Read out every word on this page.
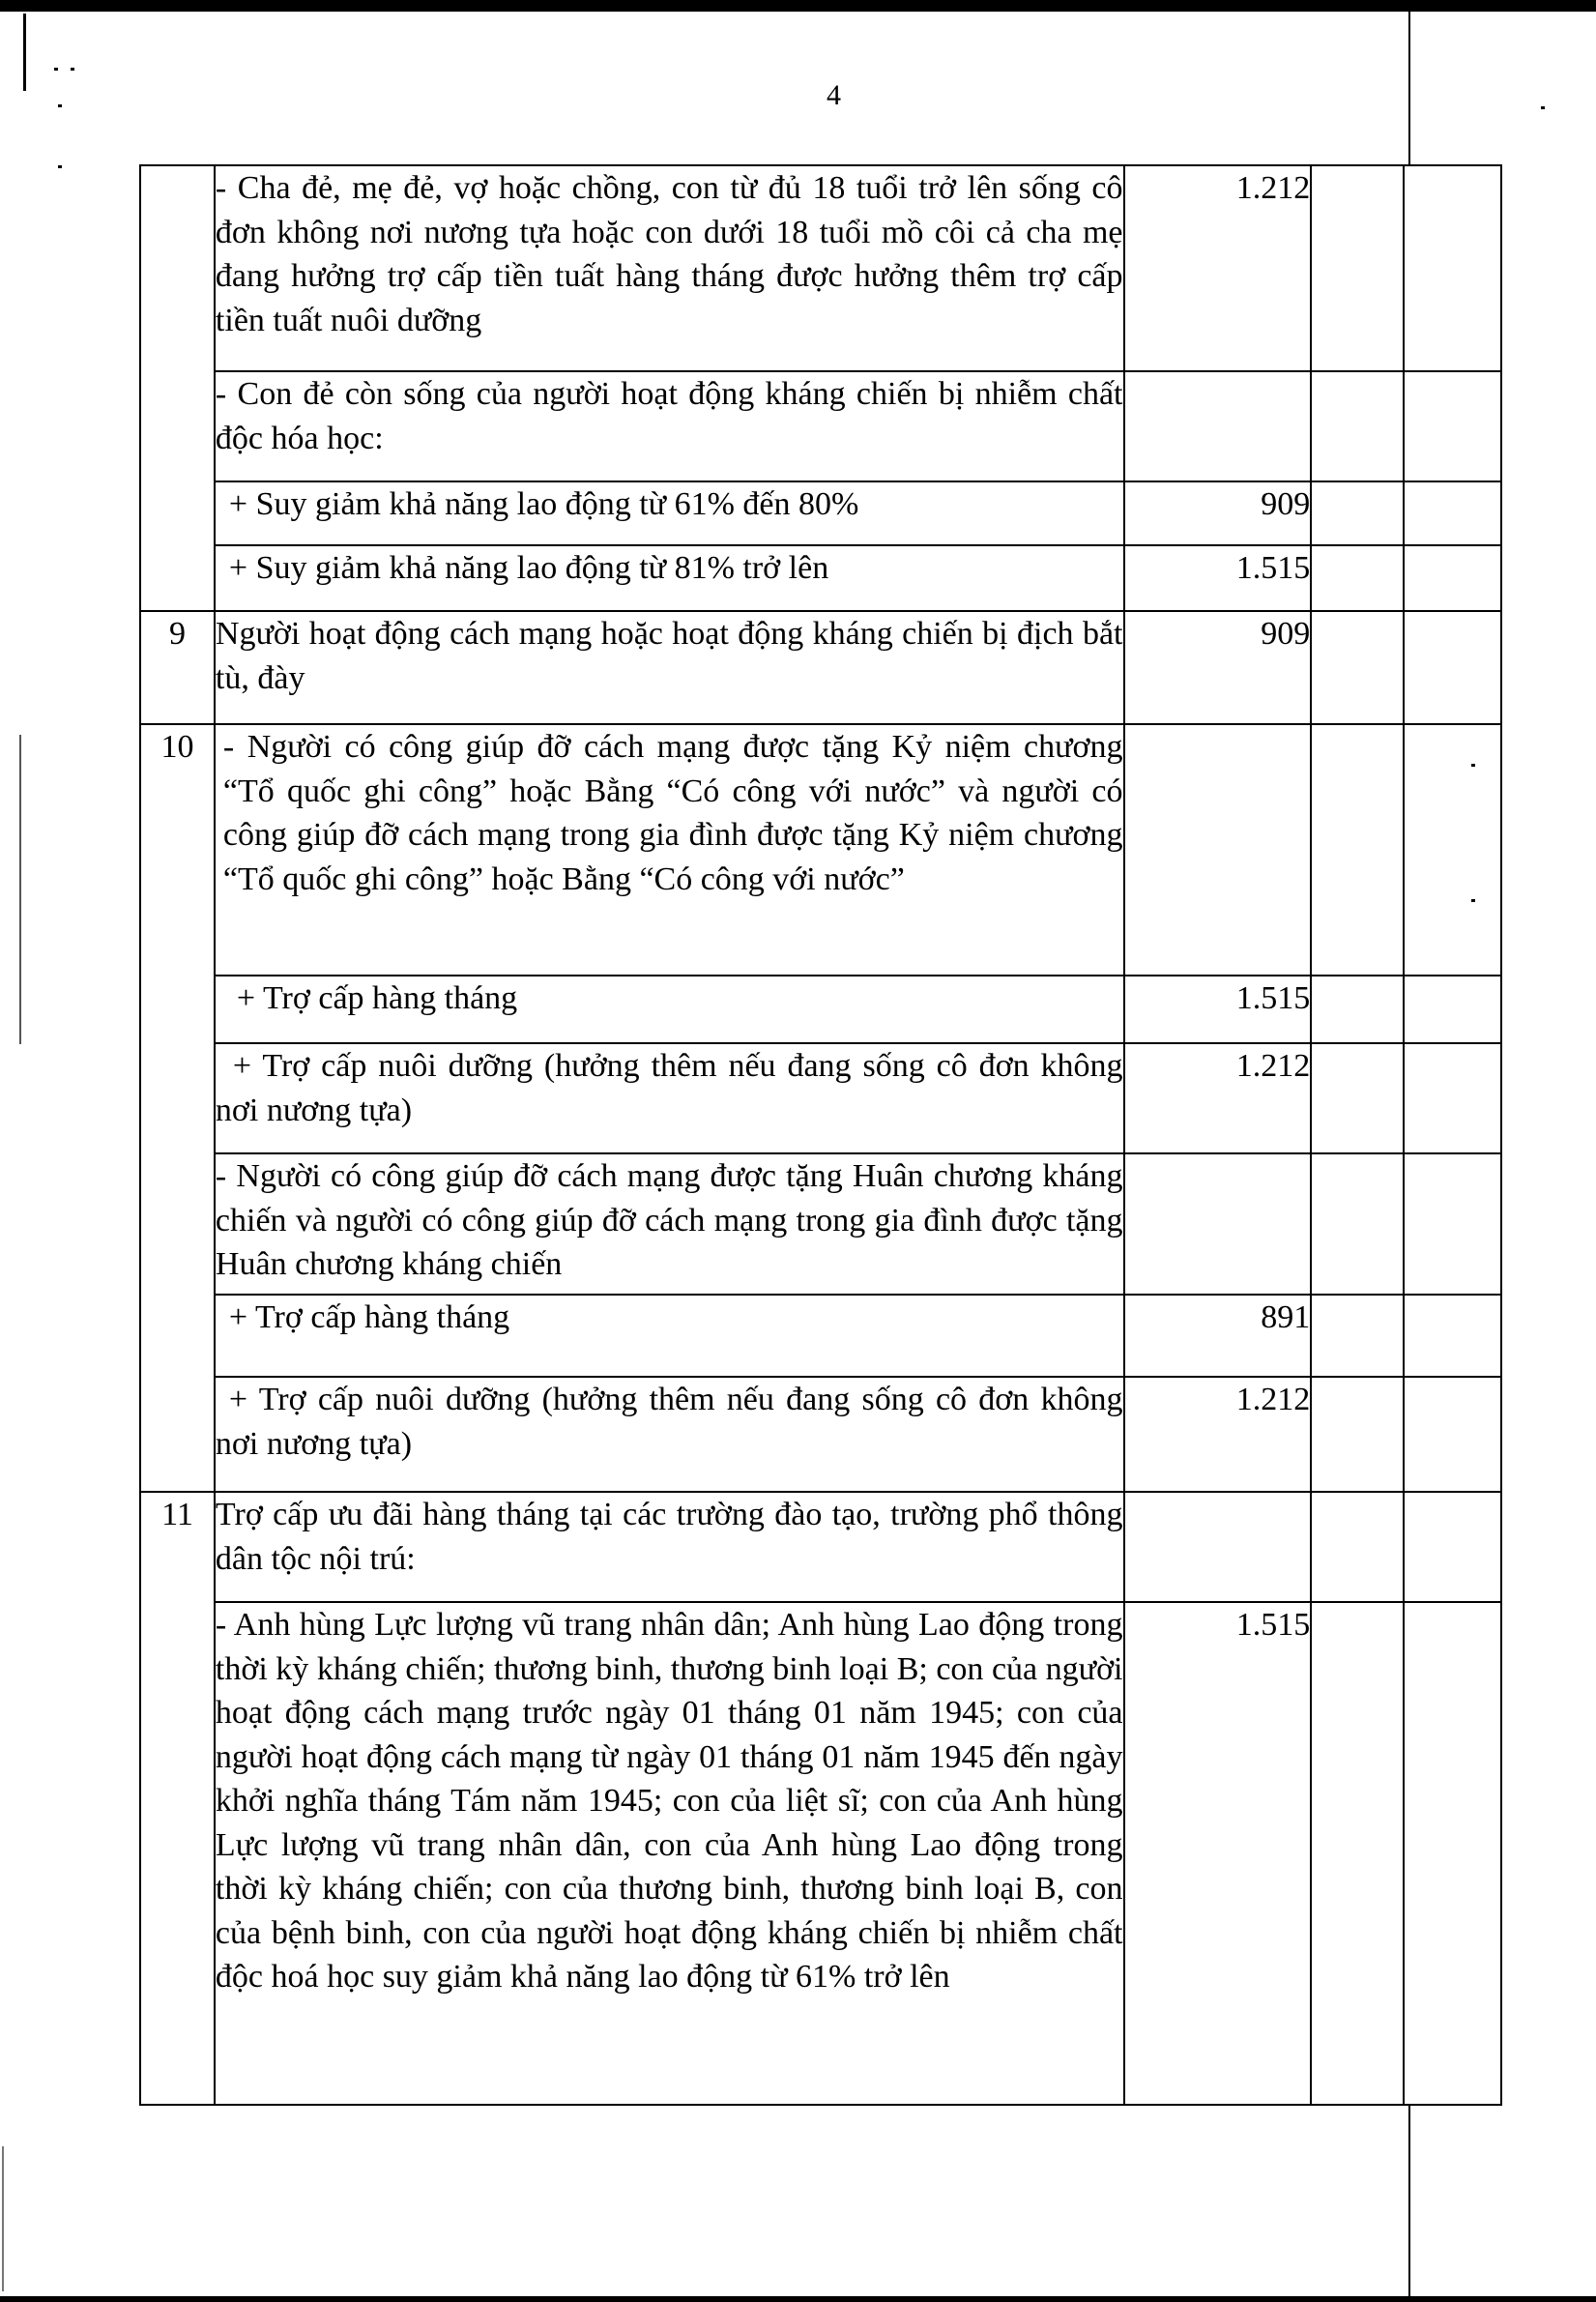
4
	- Cha đẻ, mẹ đẻ, vợ hoặc chồng, con từ đủ 18 tuổi trở lên sống cô đơn không nơi nương tựa hoặc con dưới 18 tuổi mồ côi cả cha mẹ đang hưởng trợ cấp tiền tuất hàng tháng được hưởng thêm trợ cấp tiền tuất nuôi dưỡng	1.212		
	- Con đẻ còn sống của người hoạt động kháng chiến bị nhiễm chất độc hóa học:			
	+ Suy giảm khả năng lao động từ 61% đến 80%	909		
	+ Suy giảm khả năng lao động từ 81% trở lên	1.515		
9	Người hoạt động cách mạng hoặc hoạt động kháng chiến bị địch bắt tù, đày	909		
10	- Người có công giúp đỡ cách mạng được tặng Kỷ niệm chương “Tổ quốc ghi công” hoặc Bằng “Có công với nước” và người có công giúp đỡ cách mạng trong gia đình được tặng Kỷ niệm chương “Tổ quốc ghi công” hoặc Bằng “Có công với nước”			
	+ Trợ cấp hàng tháng	1.515		
	+ Trợ cấp nuôi dưỡng (hưởng thêm nếu đang sống cô đơn không nơi nương tựa)	1.212		
	- Người có công giúp đỡ cách mạng được tặng Huân chương kháng chiến và người có công giúp đỡ cách mạng trong gia đình được tặng Huân chương kháng chiến			
	+ Trợ cấp hàng tháng	891		
	+ Trợ cấp nuôi dưỡng (hưởng thêm nếu đang sống cô đơn không nơi nương tựa)	1.212		
11	Trợ cấp ưu đãi hàng tháng tại các trường đào tạo, trường phổ thông dân tộc nội trú:			
	- Anh hùng Lực lượng vũ trang nhân dân; Anh hùng Lao động trong thời kỳ kháng chiến; thương binh, thương binh loại B; con của người hoạt động cách mạng trước ngày 01 tháng 01 năm 1945; con của người hoạt động cách mạng từ ngày 01 tháng 01 năm 1945 đến ngày khởi nghĩa tháng Tám năm 1945; con của liệt sĩ; con của Anh hùng Lực lượng vũ trang nhân dân, con của Anh hùng Lao động trong thời kỳ kháng chiến; con của thương binh, thương binh loại B, con của bệnh binh, con của người hoạt động kháng chiến bị nhiễm chất độc hoá học suy giảm khả năng lao động từ 61% trở lên	1.515		
